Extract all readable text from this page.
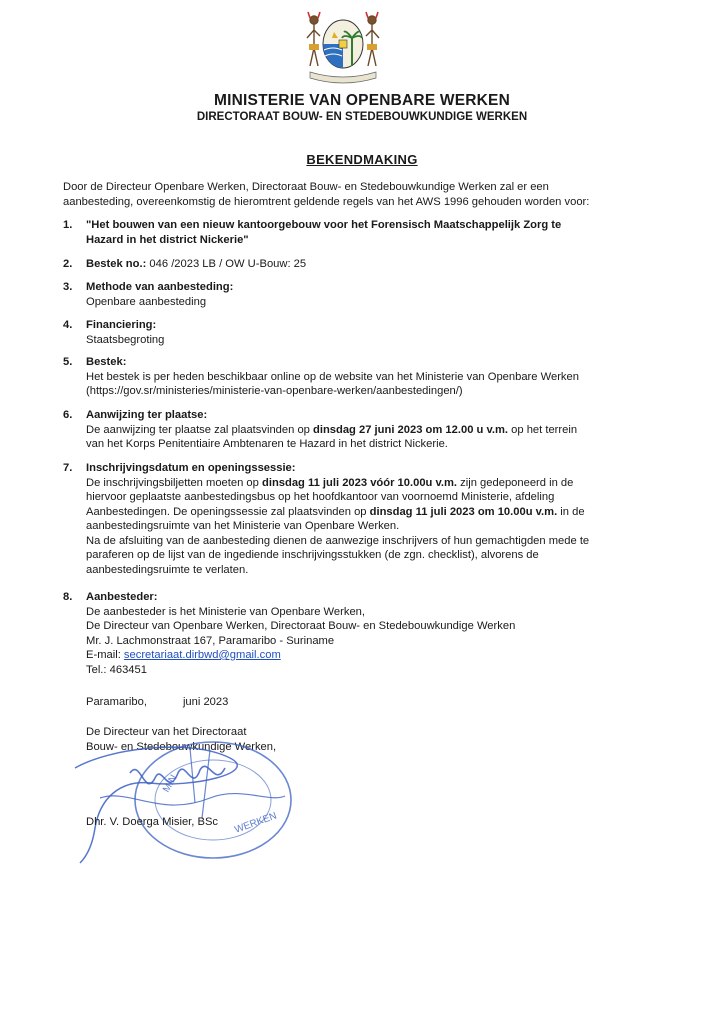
MINISTERIE VAN OPENBARE WERKEN
DIRECTORAAT BOUW- EN STEDEBOUWKUNDIGE WERKEN
BEKENDMAKING
Door de Directeur Openbare Werken, Directoraat Bouw- en Stedebouwkundige Werken zal er een
aanbesteding, overeenkomstig de hieromtrent geldende regels van het AWS 1996 gehouden worden voor:
1. "Het bouwen van een nieuw kantoorgebouw voor het Forensisch Maatschappelijk Zorg te
Hazard in het district Nickerie"
2. Bestek no.: 046 /2023 LB / OW U-Bouw: 25
3. Methode van aanbesteding:
Openbare aanbesteding
4. Financiering:
Staatsbegroting
5. Bestek:
Het bestek is per heden beschikbaar online op de website van het Ministerie van Openbare Werken
(https://gov.sr/ministeries/ministerie-van-openbare-werken/aanbestedingen/)
6. Aanwijzing ter plaatse:
De aanwijzing ter plaatse zal plaatsvinden op dinsdag 27 juni 2023 om 12.00 u v.m. op het terrein
van het Korps Penitentiaire Ambtenaren te Hazard in het district Nickerie.
7. Inschrijvingsdatum en openingssessie:
De inschrijvingsbiljetten moeten op dinsdag 11 juli 2023 vóór 10.00u v.m. zijn gedeponeerd in de
hiervoor geplaatste aanbestedingsbus op het hoofdkantoor van voornoemd Ministerie, afdeling
Aanbestedingen. De openingssessie zal plaatsvinden op dinsdag 11 juli 2023 om 10.00u v.m. in de
aanbestedingsruimte van het Ministerie van Openbare Werken.
Na de afsluiting van de aanbesteding dienen de aanwezige inschrijvers of hun gemachtigden mede te
paraferen op de lijst van de ingediende inschrijvingsstukken (de zgn. checklist), alvorens de
aanbestedingsruimte te verlaten.
8. Aanbesteder:
De aanbesteder is het Ministerie van Openbare Werken,
De Directeur van Openbare Werken, Directoraat Bouw- en Stedebouwkundige Werken
Mr. J. Lachmonstraat 167, Paramaribo - Suriname
E-mail: secretariaat.dirbwd@gmail.com
Tel.: 463451
Paramaribo,	juni 2023
De Directeur van het Directoraat
Bouw- en Stedebouwkundige Werken,
MIN
WERKEN
Dhr. V. Doerga Misier, BSc
